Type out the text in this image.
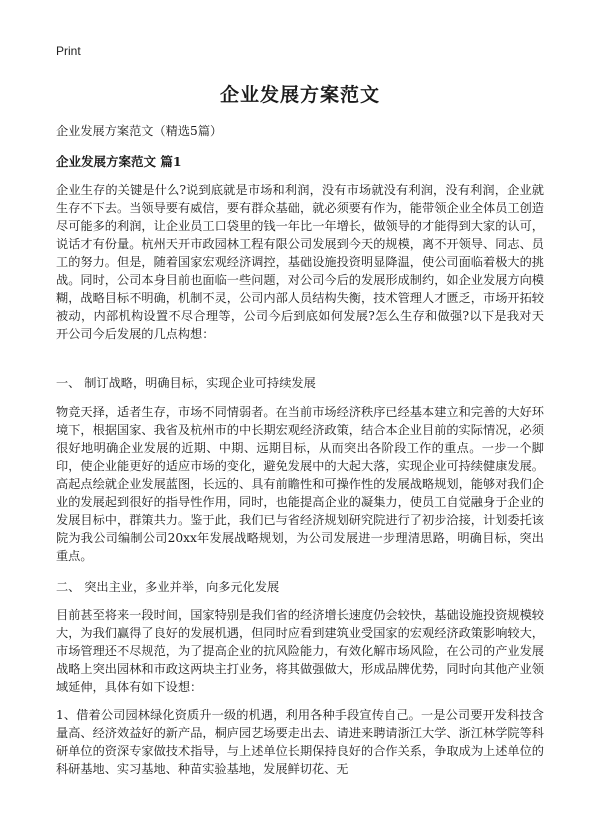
Print
企业发展方案范文
企业发展方案范文（精选5篇）
企业发展方案范文 篇1

企业生存的关键是什么?说到底就是市场和利润，没有市场就没有利润，没有利润，企业就生存不下去。当领导要有威信，要有群众基础，就必须要有作为，能带领企业全体员工创造尽可能多的利润，让企业员工口袋里的钱一年比一年增长，做领导的才能得到大家的认可，说话才有份量。杭州天开市政园林工程有限公司发展到今天的规模，离不开领导、同志、员工的努力。但是，随着国家宏观经济调控，基础设施投资明显降温，使公司面临着极大的挑战。同时，公司本身目前也面临一些问题，对公司今后的发展形成制约，如企业发展方向模糊，战略目标不明确，机制不灵，公司内部人员结构失衡，技术管理人才匮乏，市场开拓较被动，内部机构设置不尽合理等，公司今后到底如何发展?怎么生存和做强?以下是我对天开公司今后发展的几点构想：

一、 制订战略，明确目标，实现企业可持续发展

物竞天择，适者生存，市场不同情弱者。在当前市场经济秩序已经基本建立和完善的大好环境下，根据国家、我省及杭州市的中长期宏观经济政策，结合本企业目前的实际情况，必须很好地明确企业发展的近期、中期、远期目标，从而突出各阶段工作的重点。一步一个脚印，使企业能更好的适应市场的变化，避免发展中的大起大落，实现企业可持续健康发展。高起点绘就企业发展蓝图，长远的、具有前瞻性和可操作性的发展战略规划，能够对我们企业的发展起到很好的指导性作用，同时，也能提高企业的凝集力，使员工自觉融身于企业的发展目标中，群策共力。鉴于此，我们已与省经济规划研究院进行了初步洽接，计划委托该院为我公司编制公司20xx年发展战略规划，为公司发展进一步理清思路，明确目标，突出重点。

二、 突出主业，多业并举，向多元化发展

目前甚至将来一段时间，国家特别是我们省的经济增长速度仍会较快，基础设施投资规模较大，为我们赢得了良好的发展机遇，但同时应看到建筑业受国家的宏观经济政策影响较大，市场管理还不尽规范，为了提高企业的抗风险能力，有效化解市场风险，在公司的产业发展战略上突出园林和市政这两块主打业务，将其做强做大，形成品牌优势，同时向其他产业领域延伸，具体有如下设想：

1、借着公司园林绿化资质升一级的机遇，利用各种手段宣传自己。一是公司要开发科技含量高、经济效益好的新产品，桐庐园艺场要走出去、请进来聘请浙江大学、浙江林学院等科研单位的资深专家做技术指导，与上述单位长期保持良好的合作关系，争取成为上述单位的科研基地、实习基地、种苗实验基地，发展鲜切花、无
